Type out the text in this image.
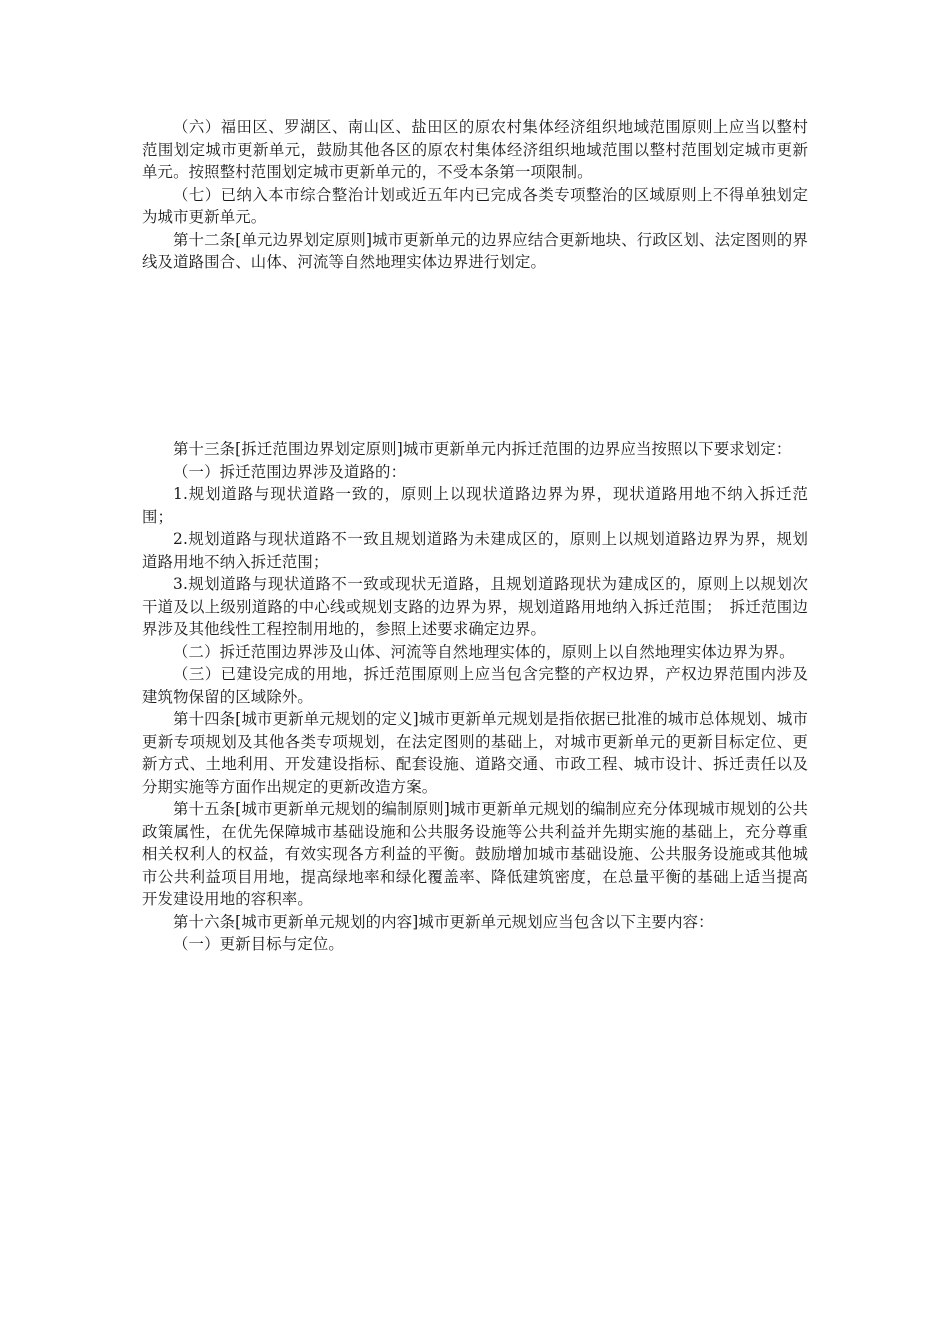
（六）福田区、罗湖区、南山区、盐田区的原农村集体经济组织地域范围原则上应当以整村范围划定城市更新单元，鼓励其他各区的原农村集体经济组织地域范围以整村范围划定城市更新单元。按照整村范围划定城市更新单元的，不受本条第一项限制。

（七）已纳入本市综合整治计划或近五年内已完成各类专项整治的区域原则上不得单独划定为城市更新单元。

第十二条[单元边界划定原则]城市更新单元的边界应结合更新地块、行政区划、法定图则的界线及道路围合、山体、河流等自然地理实体边界进行划定。

第十三条[拆迁范围边界划定原则]城市更新单元内拆迁范围的边界应当按照以下要求划定：

（一）拆迁范围边界涉及道路的：

1.规划道路与现状道路一致的，原则上以现状道路边界为界，现状道路用地不纳入拆迁范围；

2.规划道路与现状道路不一致且规划道路为未建成区的，原则上以规划道路边界为界，规划道路用地不纳入拆迁范围；

3.规划道路与现状道路不一致或现状无道路，且规划道路现状为建成区的，原则上以规划次干道及以上级别道路的中心线或规划支路的边界为界，规划道路用地纳入拆迁范围；　拆迁范围边界涉及其他线性工程控制用地的，参照上述要求确定边界。

（二）拆迁范围边界涉及山体、河流等自然地理实体的，原则上以自然地理实体边界为界。

（三）已建设完成的用地，拆迁范围原则上应当包含完整的产权边界，产权边界范围内涉及建筑物保留的区域除外。

第十四条[城市更新单元规划的定义]城市更新单元规划是指依据已批准的城市总体规划、城市更新专项规划及其他各类专项规划，在法定图则的基础上，对城市更新单元的更新目标定位、更新方式、土地利用、开发建设指标、配套设施、道路交通、市政工程、城市设计、拆迁责任以及分期实施等方面作出规定的更新改造方案。

第十五条[城市更新单元规划的编制原则]城市更新单元规划的编制应充分体现城市规划的公共政策属性，在优先保障城市基础设施和公共服务设施等公共利益并先期实施的基础上，充分尊重相关权利人的权益，有效实现各方利益的平衡。鼓励增加城市基础设施、公共服务设施或其他城市公共利益项目用地，提高绿地率和绿化覆盖率、降低建筑密度，在总量平衡的基础上适当提高开发建设用地的容积率。

第十六条[城市更新单元规划的内容]城市更新单元规划应当包含以下主要内容：

（一）更新目标与定位。
